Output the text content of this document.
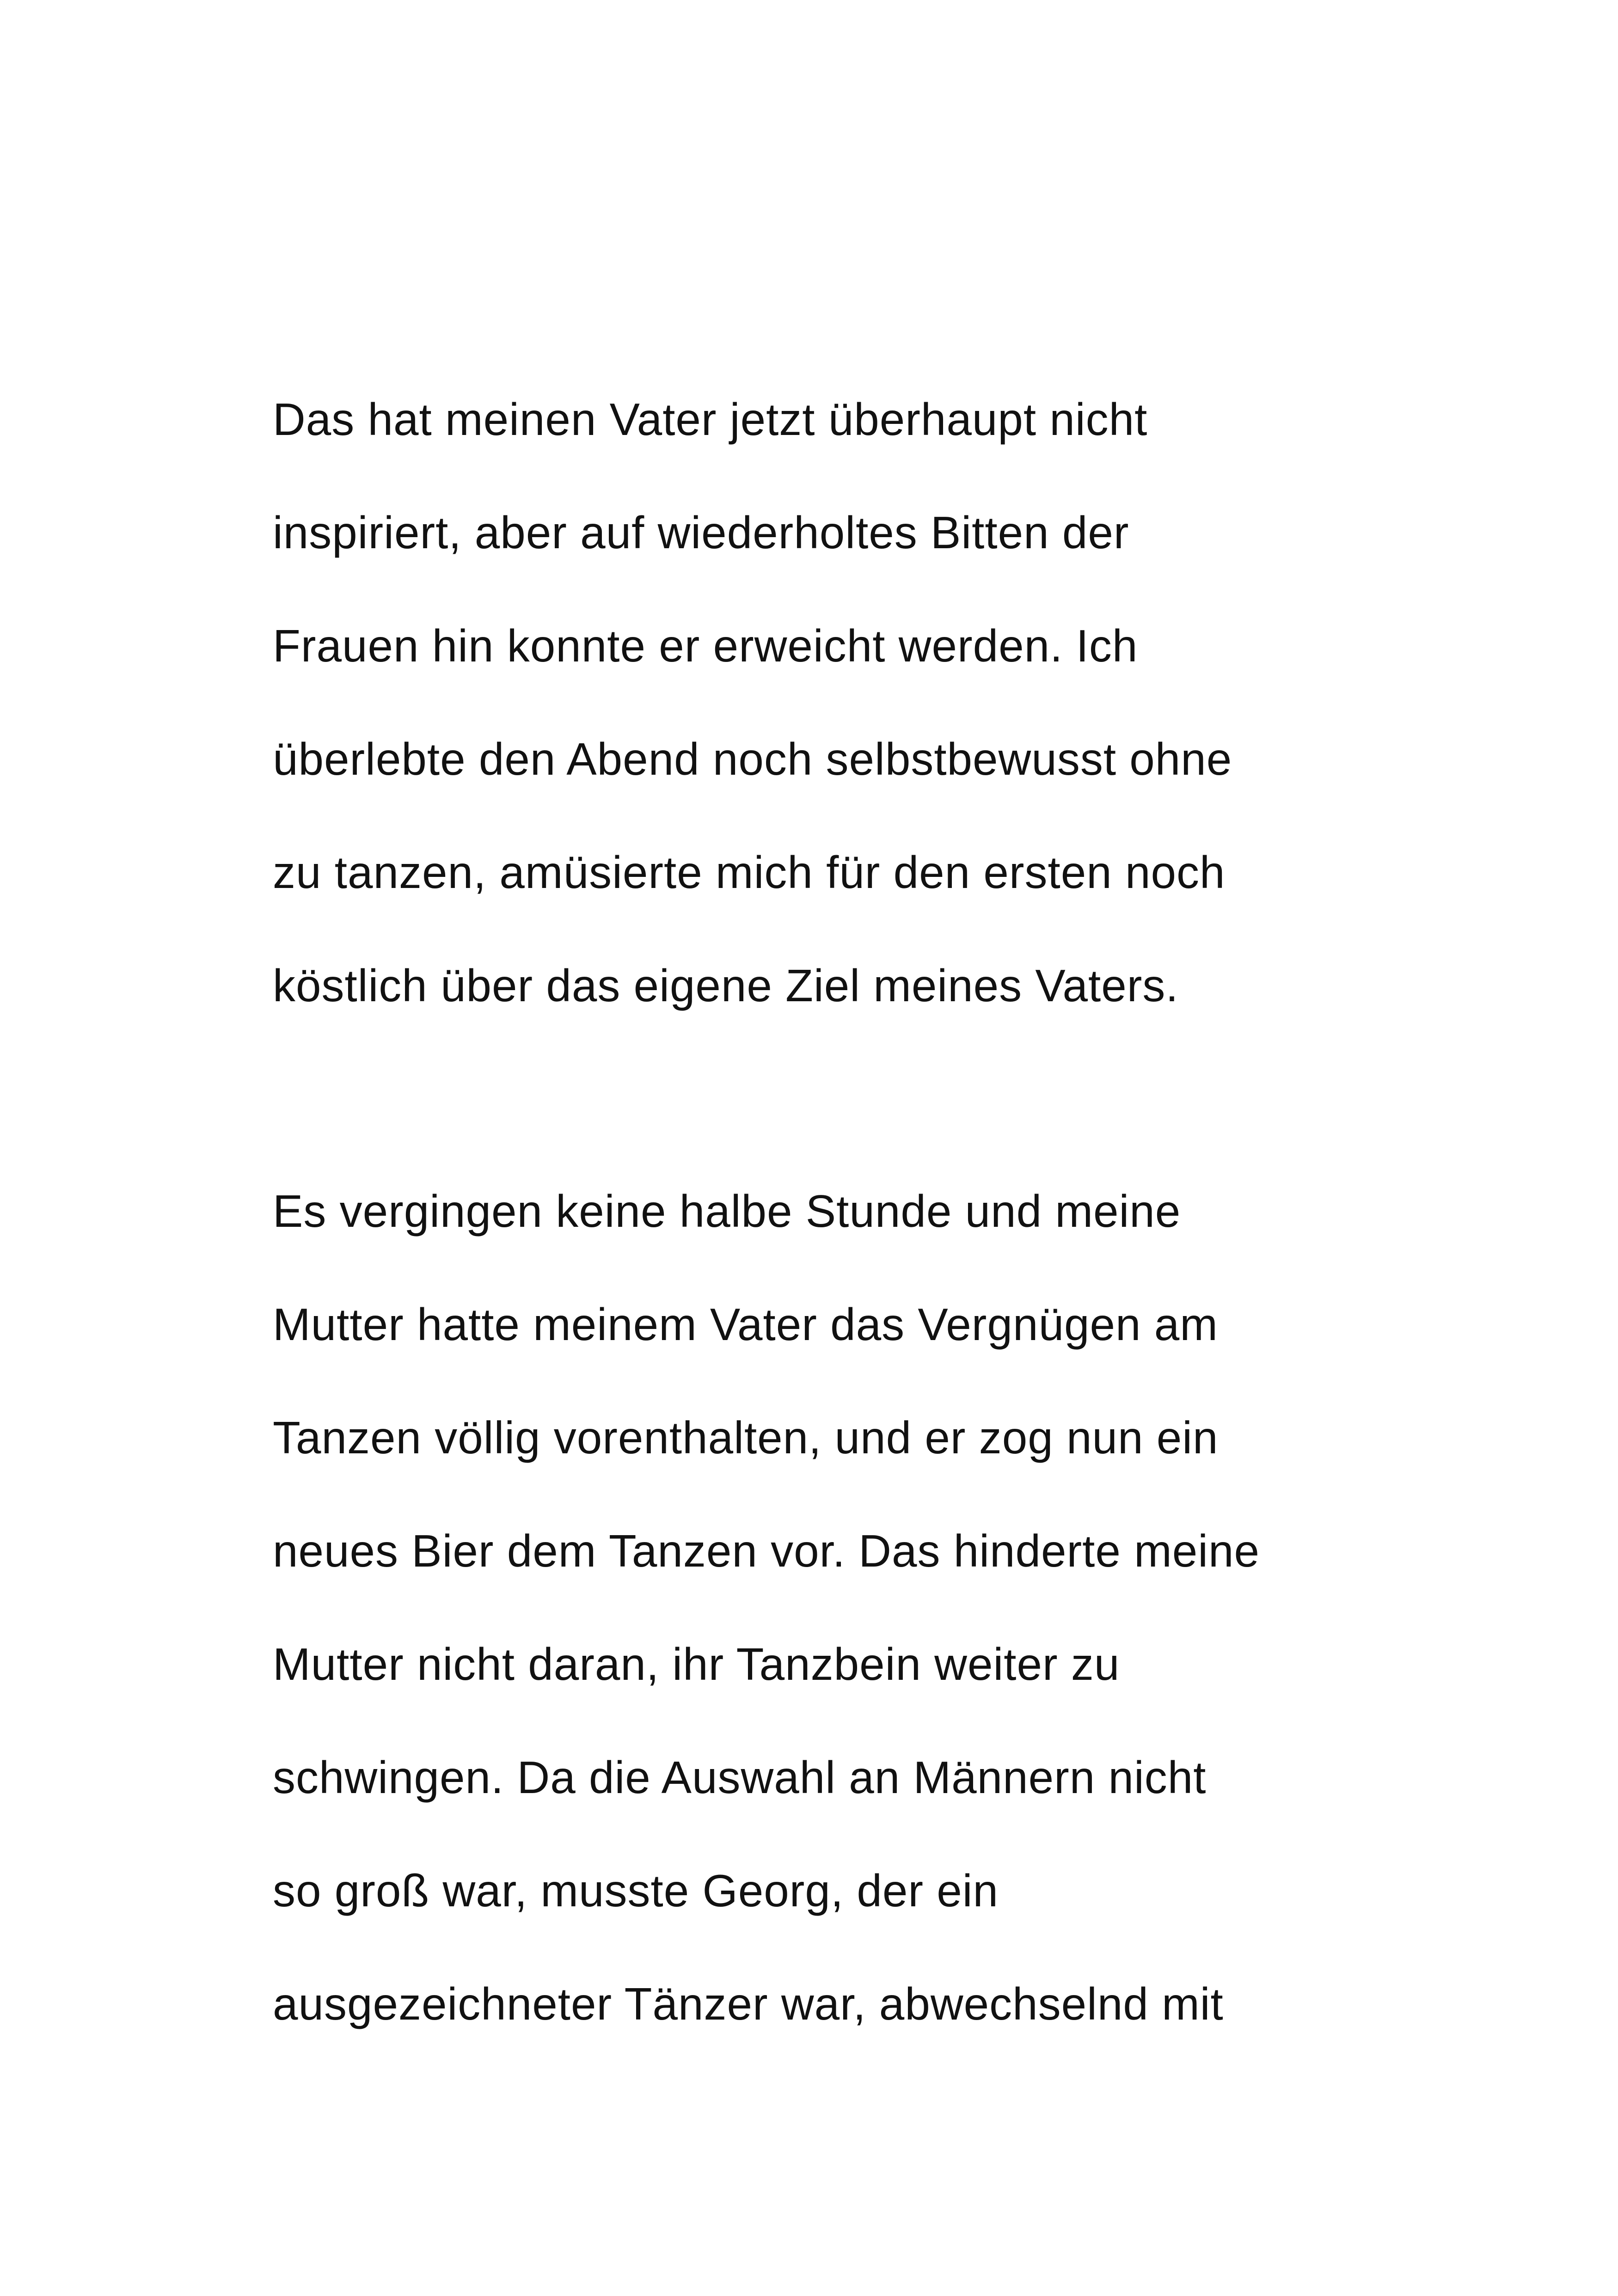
Das hat meinen Vater jetzt überhaupt nicht
inspiriert, aber auf wiederholtes Bitten der
Frauen hin konnte er erweicht werden. Ich
überlebte den Abend noch selbstbewusst ohne
zu tanzen, amüsierte mich für den ersten noch
köstlich über das eigene Ziel meines Vaters.
Es vergingen keine halbe Stunde und meine
Mutter hatte meinem Vater das Vergnügen am
Tanzen völlig vorenthalten, und er zog nun ein
neues Bier dem Tanzen vor. Das hinderte meine
Mutter nicht daran, ihr Tanzbein weiter zu
schwingen. Da die Auswahl an Männern nicht
so groß war, musste Georg, der ein
ausgezeichneter Tänzer war, abwechselnd mit
